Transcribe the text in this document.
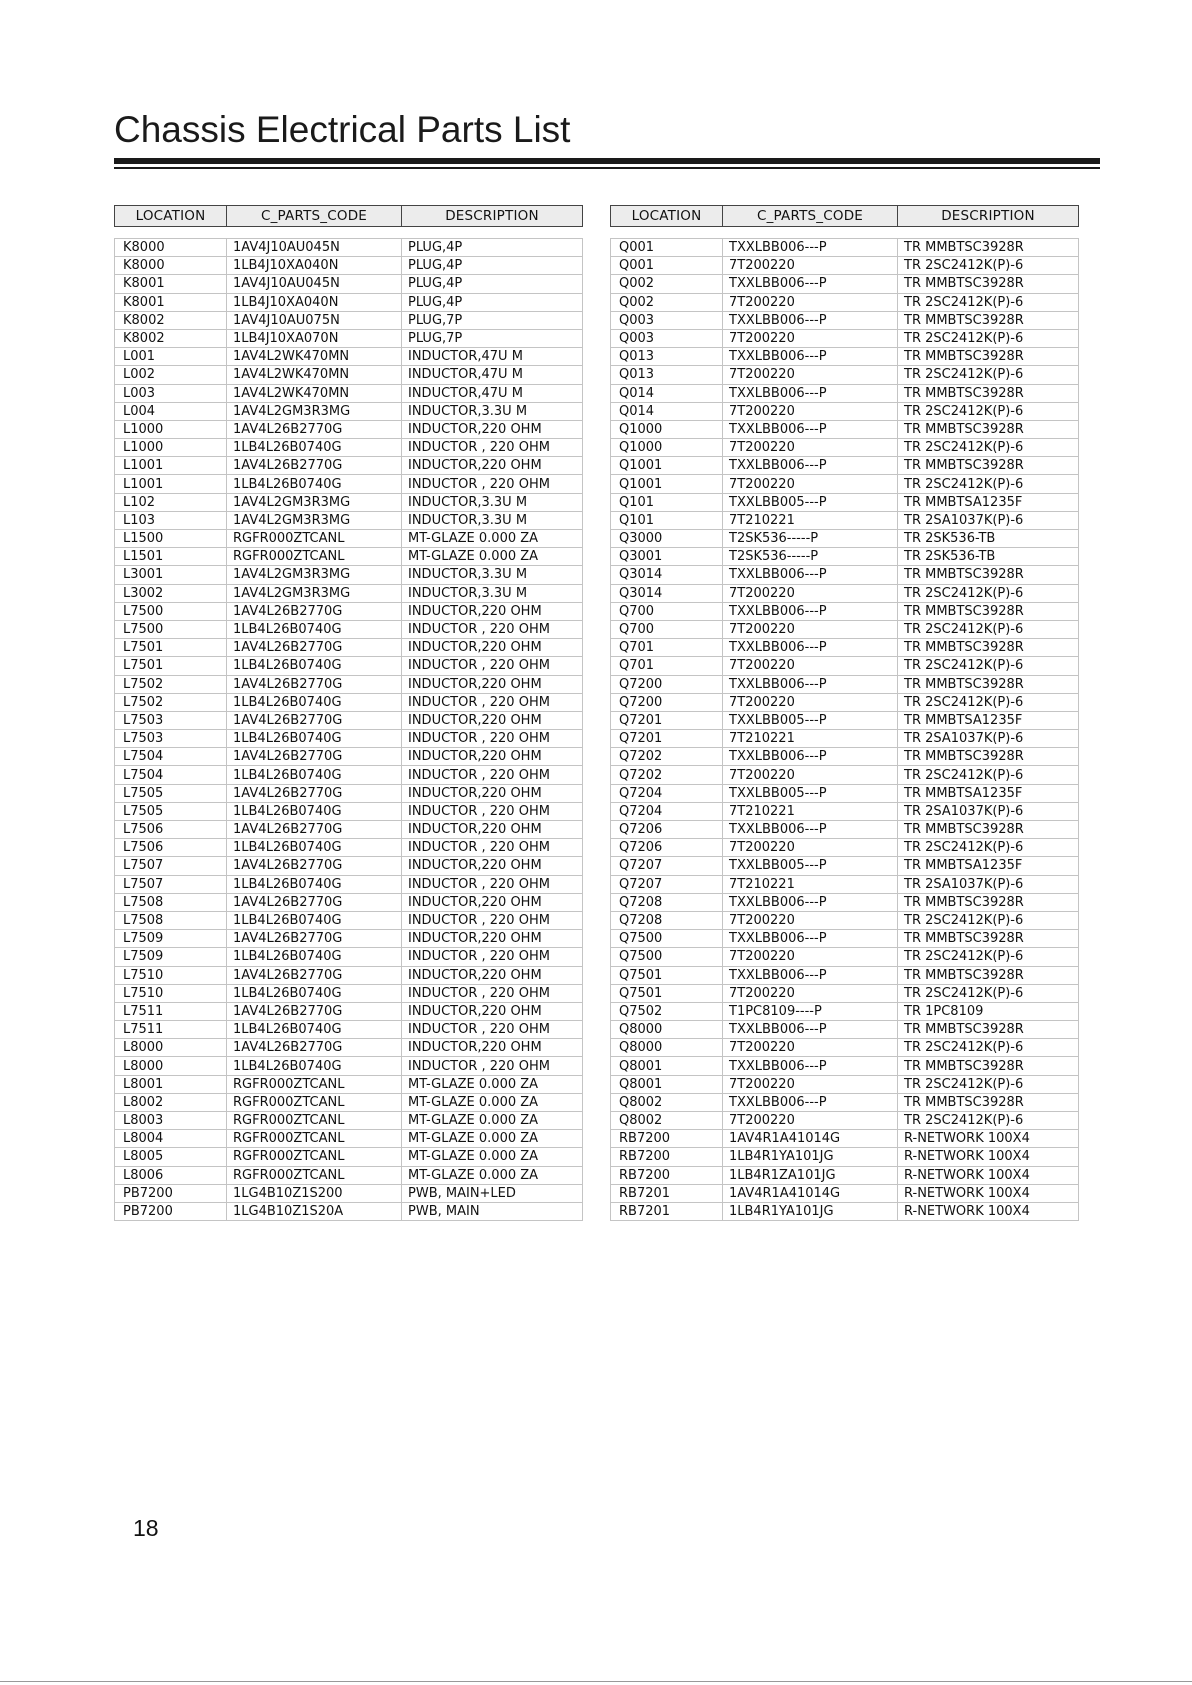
Chassis Electrical Parts List
LOCATION	C_PARTS_CODE	DESCRIPTION

K8000	1AV4J10AU045N	PLUG,4P
K8000	1LB4J10XA040N	PLUG,4P
K8001	1AV4J10AU045N	PLUG,4P
K8001	1LB4J10XA040N	PLUG,4P
K8002	1AV4J10AU075N	PLUG,7P
K8002	1LB4J10XA070N	PLUG,7P
L001	1AV4L2WK470MN	INDUCTOR,47U M
L002	1AV4L2WK470MN	INDUCTOR,47U M
L003	1AV4L2WK470MN	INDUCTOR,47U M
L004	1AV4L2GM3R3MG	INDUCTOR,3.3U M
L1000	1AV4L26B2770G	INDUCTOR,220 OHM
L1000	1LB4L26B0740G	INDUCTOR , 220 OHM
L1001	1AV4L26B2770G	INDUCTOR,220 OHM
L1001	1LB4L26B0740G	INDUCTOR , 220 OHM
L102	1AV4L2GM3R3MG	INDUCTOR,3.3U M
L103	1AV4L2GM3R3MG	INDUCTOR,3.3U M
L1500	RGFR000ZTCANL	MT-GLAZE 0.000 ZA
L1501	RGFR000ZTCANL	MT-GLAZE 0.000 ZA
L3001	1AV4L2GM3R3MG	INDUCTOR,3.3U M
L3002	1AV4L2GM3R3MG	INDUCTOR,3.3U M
L7500	1AV4L26B2770G	INDUCTOR,220 OHM
L7500	1LB4L26B0740G	INDUCTOR , 220 OHM
L7501	1AV4L26B2770G	INDUCTOR,220 OHM
L7501	1LB4L26B0740G	INDUCTOR , 220 OHM
L7502	1AV4L26B2770G	INDUCTOR,220 OHM
L7502	1LB4L26B0740G	INDUCTOR , 220 OHM
L7503	1AV4L26B2770G	INDUCTOR,220 OHM
L7503	1LB4L26B0740G	INDUCTOR , 220 OHM
L7504	1AV4L26B2770G	INDUCTOR,220 OHM
L7504	1LB4L26B0740G	INDUCTOR , 220 OHM
L7505	1AV4L26B2770G	INDUCTOR,220 OHM
L7505	1LB4L26B0740G	INDUCTOR , 220 OHM
L7506	1AV4L26B2770G	INDUCTOR,220 OHM
L7506	1LB4L26B0740G	INDUCTOR , 220 OHM
L7507	1AV4L26B2770G	INDUCTOR,220 OHM
L7507	1LB4L26B0740G	INDUCTOR , 220 OHM
L7508	1AV4L26B2770G	INDUCTOR,220 OHM
L7508	1LB4L26B0740G	INDUCTOR , 220 OHM
L7509	1AV4L26B2770G	INDUCTOR,220 OHM
L7509	1LB4L26B0740G	INDUCTOR , 220 OHM
L7510	1AV4L26B2770G	INDUCTOR,220 OHM
L7510	1LB4L26B0740G	INDUCTOR , 220 OHM
L7511	1AV4L26B2770G	INDUCTOR,220 OHM
L7511	1LB4L26B0740G	INDUCTOR , 220 OHM
L8000	1AV4L26B2770G	INDUCTOR,220 OHM
L8000	1LB4L26B0740G	INDUCTOR , 220 OHM
L8001	RGFR000ZTCANL	MT-GLAZE 0.000 ZA
L8002	RGFR000ZTCANL	MT-GLAZE 0.000 ZA
L8003	RGFR000ZTCANL	MT-GLAZE 0.000 ZA
L8004	RGFR000ZTCANL	MT-GLAZE 0.000 ZA
L8005	RGFR000ZTCANL	MT-GLAZE 0.000 ZA
L8006	RGFR000ZTCANL	MT-GLAZE 0.000 ZA
PB7200	1LG4B10Z1S200	PWB, MAIN+LED
PB7200	1LG4B10Z1S20A	PWB, MAIN
LOCATION	C_PARTS_CODE	DESCRIPTION

Q001	TXXLBB006---P	TR MMBTSC3928R
Q001	7T200220	TR 2SC2412K(P)-6
Q002	TXXLBB006---P	TR MMBTSC3928R
Q002	7T200220	TR 2SC2412K(P)-6
Q003	TXXLBB006---P	TR MMBTSC3928R
Q003	7T200220	TR 2SC2412K(P)-6
Q013	TXXLBB006---P	TR MMBTSC3928R
Q013	7T200220	TR 2SC2412K(P)-6
Q014	TXXLBB006---P	TR MMBTSC3928R
Q014	7T200220	TR 2SC2412K(P)-6
Q1000	TXXLBB006---P	TR MMBTSC3928R
Q1000	7T200220	TR 2SC2412K(P)-6
Q1001	TXXLBB006---P	TR MMBTSC3928R
Q1001	7T200220	TR 2SC2412K(P)-6
Q101	TXXLBB005---P	TR MMBTSA1235F
Q101	7T210221	TR 2SA1037K(P)-6
Q3000	T2SK536-----P	TR 2SK536-TB
Q3001	T2SK536-----P	TR 2SK536-TB
Q3014	TXXLBB006---P	TR MMBTSC3928R
Q3014	7T200220	TR 2SC2412K(P)-6
Q700	TXXLBB006---P	TR MMBTSC3928R
Q700	7T200220	TR 2SC2412K(P)-6
Q701	TXXLBB006---P	TR MMBTSC3928R
Q701	7T200220	TR 2SC2412K(P)-6
Q7200	TXXLBB006---P	TR MMBTSC3928R
Q7200	7T200220	TR 2SC2412K(P)-6
Q7201	TXXLBB005---P	TR MMBTSA1235F
Q7201	7T210221	TR 2SA1037K(P)-6
Q7202	TXXLBB006---P	TR MMBTSC3928R
Q7202	7T200220	TR 2SC2412K(P)-6
Q7204	TXXLBB005---P	TR MMBTSA1235F
Q7204	7T210221	TR 2SA1037K(P)-6
Q7206	TXXLBB006---P	TR MMBTSC3928R
Q7206	7T200220	TR 2SC2412K(P)-6
Q7207	TXXLBB005---P	TR MMBTSA1235F
Q7207	7T210221	TR 2SA1037K(P)-6
Q7208	TXXLBB006---P	TR MMBTSC3928R
Q7208	7T200220	TR 2SC2412K(P)-6
Q7500	TXXLBB006---P	TR MMBTSC3928R
Q7500	7T200220	TR 2SC2412K(P)-6
Q7501	TXXLBB006---P	TR MMBTSC3928R
Q7501	7T200220	TR 2SC2412K(P)-6
Q7502	T1PC8109----P	TR 1PC8109
Q8000	TXXLBB006---P	TR MMBTSC3928R
Q8000	7T200220	TR 2SC2412K(P)-6
Q8001	TXXLBB006---P	TR MMBTSC3928R
Q8001	7T200220	TR 2SC2412K(P)-6
Q8002	TXXLBB006---P	TR MMBTSC3928R
Q8002	7T200220	TR 2SC2412K(P)-6
RB7200	1AV4R1A41014G	R-NETWORK 100X4
RB7200	1LB4R1YA101JG	R-NETWORK 100X4
RB7200	1LB4R1ZA101JG	R-NETWORK 100X4
RB7201	1AV4R1A41014G	R-NETWORK 100X4
RB7201	1LB4R1YA101JG	R-NETWORK 100X4
18
